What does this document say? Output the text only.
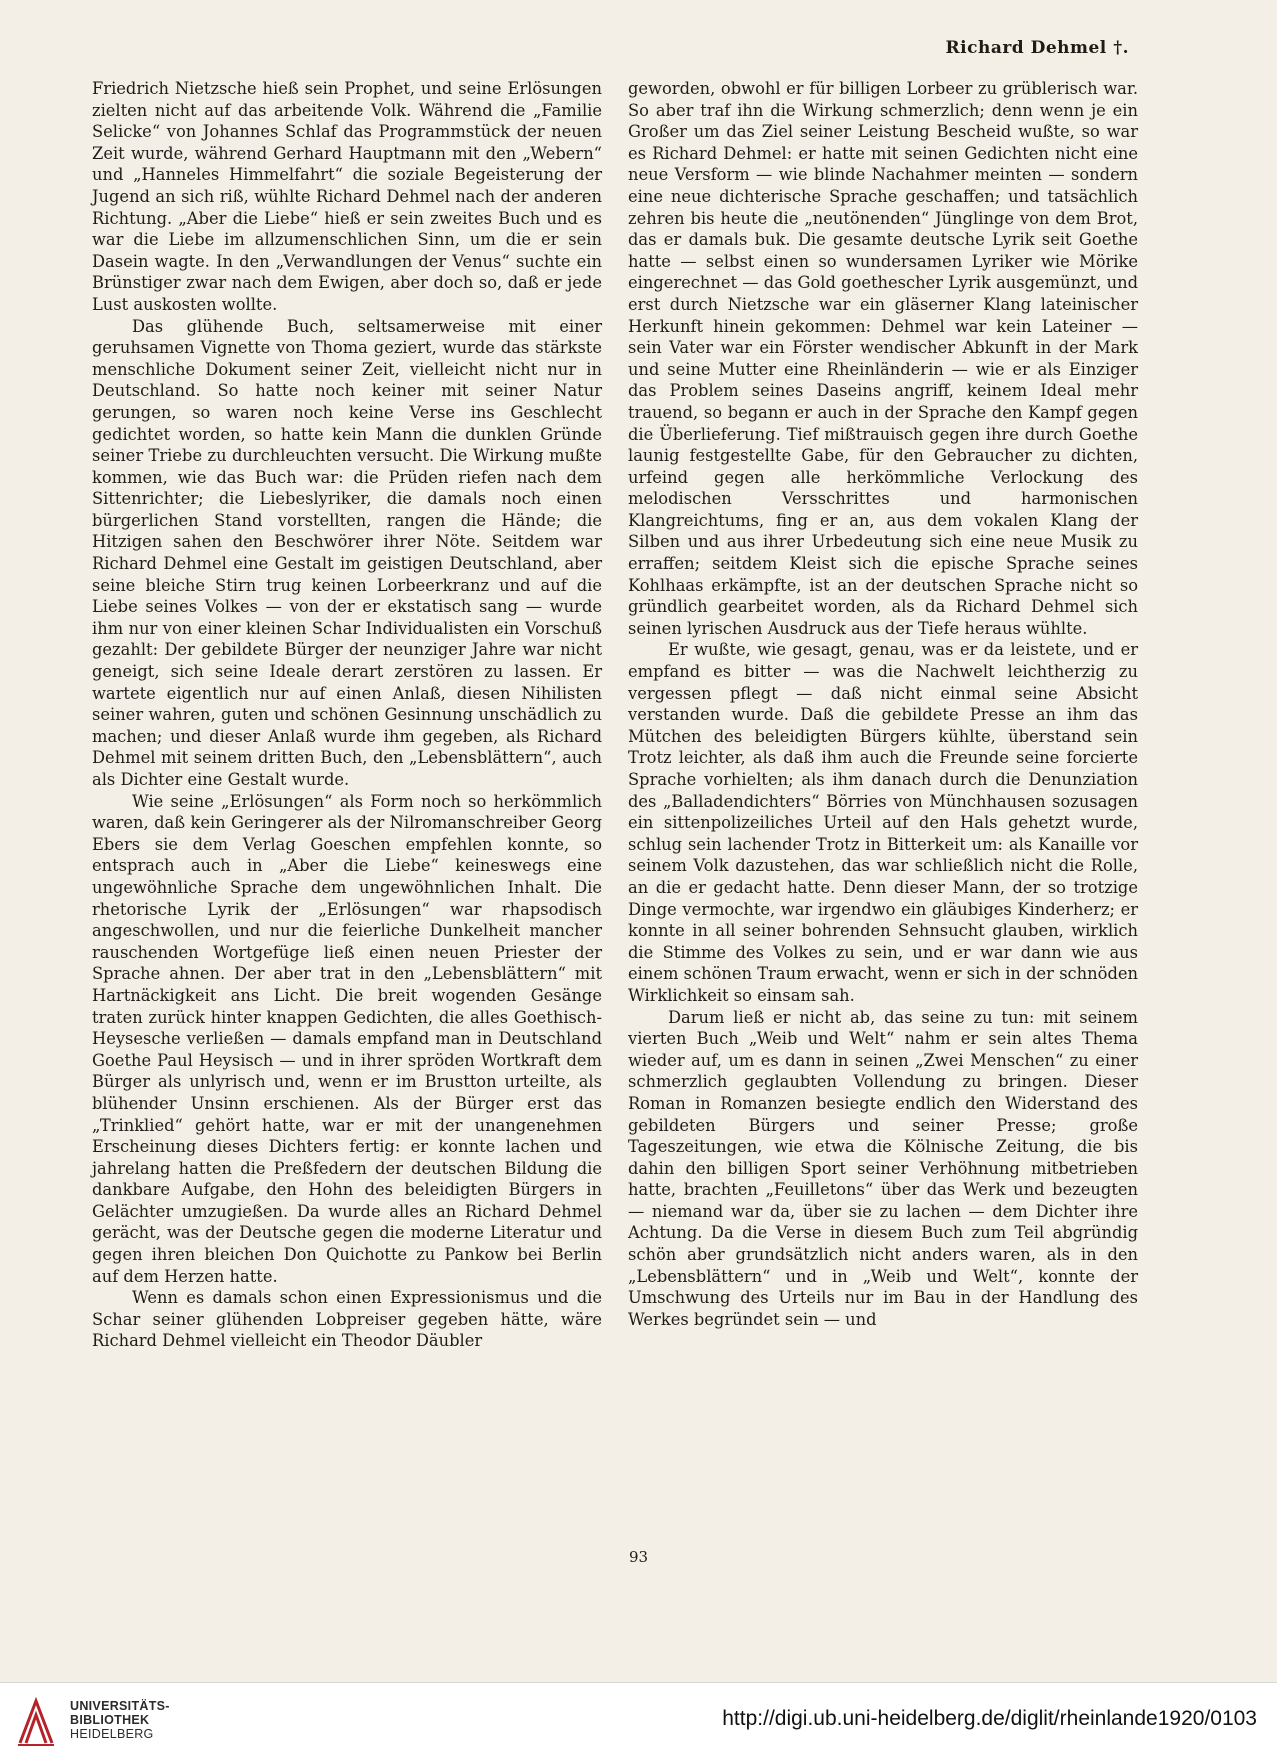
Richard Dehmel †.

Friedrich Nietzsche hieß sein Prophet, und seine Erlösungen zielten nicht auf das arbeitende Volk. Während die „Familie Selicke“ von Johannes Schlaf das Programmstück der neuen Zeit wurde, während Gerhard Hauptmann mit den „Webern“ und „Hanneles Himmelfahrt“ die soziale Begeisterung der Jugend an sich riß, wühlte Richard Dehmel nach der anderen Richtung. „Aber die Liebe“ hieß er sein zweites Buch und es war die Liebe im allzumenschlichen Sinn, um die er sein Dasein wagte. In den „Verwandlungen der Venus“ suchte ein Brünstiger zwar nach dem Ewigen, aber doch so, daß er jede Lust auskosten wollte.

Das glühende Buch, seltsamerweise mit einer geruhsamen Vignette von Thoma geziert, wurde das stärkste menschliche Dokument seiner Zeit, vielleicht nicht nur in Deutschland. So hatte noch keiner mit seiner Natur gerungen, so waren noch keine Verse ins Geschlecht gedichtet worden, so hatte kein Mann die dunklen Gründe seiner Triebe zu durchleuchten versucht. Die Wirkung mußte kommen, wie das Buch war: die Prüden riefen nach dem Sittenrichter; die Liebeslyriker, die damals noch einen bürgerlichen Stand vorstellten, rangen die Hände; die Hitzigen sahen den Beschwörer ihrer Nöte. Seitdem war Richard Dehmel eine Gestalt im geistigen Deutschland, aber seine bleiche Stirn trug keinen Lorbeerkranz und auf die Liebe seines Volkes — von der er ekstatisch sang — wurde ihm nur von einer kleinen Schar Individualisten ein Vorschuß gezahlt: Der gebildete Bürger der neunziger Jahre war nicht geneigt, sich seine Ideale derart zerstören zu lassen. Er wartete eigentlich nur auf einen Anlaß, diesen Nihilisten seiner wahren, guten und schönen Gesinnung unschädlich zu machen; und dieser Anlaß wurde ihm gegeben, als Richard Dehmel mit seinem dritten Buch, den „Lebensblättern“, auch als Dichter eine Gestalt wurde.

Wie seine „Erlösungen“ als Form noch so herkömmlich waren, daß kein Geringerer als der Nilromanschreiber Georg Ebers sie dem Verlag Goeschen empfehlen konnte, so entsprach auch in „Aber die Liebe“ keineswegs eine ungewöhnliche Sprache dem ungewöhnlichen Inhalt. Die rhetorische Lyrik der „Erlösungen“ war rhapsodisch angeschwollen, und nur die feierliche Dunkelheit mancher rauschenden Wortgefüge ließ einen neuen Priester der Sprache ahnen. Der aber trat in den „Lebensblättern“ mit Hartnäckigkeit ans Licht. Die breit wogenden Gesänge traten zurück hinter knappen Gedichten, die alles Goethisch-Heysesche verließen — damals empfand man in Deutschland Goethe Paul Heysisch — und in ihrer spröden Wortkraft dem Bürger als unlyrisch und, wenn er im Brustton urteilte, als blühender Unsinn erschienen. Als der Bürger erst das „Trinklied“ gehört hatte, war er mit der unangenehmen Erscheinung dieses Dichters fertig: er konnte lachen und jahrelang hatten die Preßfedern der deutschen Bildung die dankbare Aufgabe, den Hohn des beleidigten Bürgers in Gelächter umzugießen. Da wurde alles an Richard Dehmel gerächt, was der Deutsche gegen die moderne Literatur und gegen ihren bleichen Don Quichotte zu Pankow bei Berlin auf dem Herzen hatte.

Wenn es damals schon einen Expressionismus und die Schar seiner glühenden Lobpreiser gegeben hätte, wäre Richard Dehmel vielleicht ein Theodor Däubler

geworden, obwohl er für billigen Lorbeer zu grüblerisch war. So aber traf ihn die Wirkung schmerzlich; denn wenn je ein Großer um das Ziel seiner Leistung Bescheid wußte, so war es Richard Dehmel: er hatte mit seinen Gedichten nicht eine neue Versform — wie blinde Nachahmer meinten — sondern eine neue dichterische Sprache geschaffen; und tatsächlich zehren bis heute die „neutönenden“ Jünglinge von dem Brot, das er damals buk. Die gesamte deutsche Lyrik seit Goethe hatte — selbst einen so wundersamen Lyriker wie Mörike eingerechnet — das Gold goethescher Lyrik ausgemünzt, und erst durch Nietzsche war ein gläserner Klang lateinischer Herkunft hinein gekommen: Dehmel war kein Lateiner — sein Vater war ein Förster wendischer Abkunft in der Mark und seine Mutter eine Rheinländerin — wie er als Einziger das Problem seines Daseins angriff, keinem Ideal mehr trauend, so begann er auch in der Sprache den Kampf gegen die Überlieferung. Tief mißtrauisch gegen ihre durch Goethe launig festgestellte Gabe, für den Gebraucher zu dichten, urfeind gegen alle herkömmliche Verlockung des melodischen Versschrittes und harmonischen Klangreichtums, fing er an, aus dem vokalen Klang der Silben und aus ihrer Urbedeutung sich eine neue Musik zu erraffen; seitdem Kleist sich die epische Sprache seines Kohlhaas erkämpfte, ist an der deutschen Sprache nicht so gründlich gearbeitet worden, als da Richard Dehmel sich seinen lyrischen Ausdruck aus der Tiefe heraus wühlte.

Er wußte, wie gesagt, genau, was er da leistete, und er empfand es bitter — was die Nachwelt leichtherzig zu vergessen pflegt — daß nicht einmal seine Absicht verstanden wurde. Daß die gebildete Presse an ihm das Mütchen des beleidigten Bürgers kühlte, überstand sein Trotz leichter, als daß ihm auch die Freunde seine forcierte Sprache vorhielten; als ihm danach durch die Denunziation des „Balladendichters“ Börries von Münchhausen sozusagen ein sittenpolizeiliches Urteil auf den Hals gehetzt wurde, schlug sein lachender Trotz in Bitterkeit um: als Kanaille vor seinem Volk dazustehen, das war schließlich nicht die Rolle, an die er gedacht hatte. Denn dieser Mann, der so trotzige Dinge vermochte, war irgendwo ein gläubiges Kinderherz; er konnte in all seiner bohrenden Sehnsucht glauben, wirklich die Stimme des Volkes zu sein, und er war dann wie aus einem schönen Traum erwacht, wenn er sich in der schnöden Wirklichkeit so einsam sah.

Darum ließ er nicht ab, das seine zu tun: mit seinem vierten Buch „Weib und Welt“ nahm er sein altes Thema wieder auf, um es dann in seinen „Zwei Menschen“ zu einer schmerzlich geglaubten Vollendung zu bringen. Dieser Roman in Romanzen besiegte endlich den Widerstand des gebildeten Bürgers und seiner Presse; große Tageszeitungen, wie etwa die Kölnische Zeitung, die bis dahin den billigen Sport seiner Verhöhnung mitbetrieben hatte, brachten „Feuilletons“ über das Werk und bezeugten — niemand war da, über sie zu lachen — dem Dichter ihre Achtung. Da die Verse in diesem Buch zum Teil abgründig schön aber grundsätzlich nicht anders waren, als in den „Lebensblättern“ und in „Weib und Welt“, konnte der Umschwung des Urteils nur im Bau in der Handlung des Werkes begründet sein — und

93
UNIVERSITÄTS-
BIBLIOTHEK
HEIDELBERG
http://digi.ub.uni-heidelberg.de/diglit/rheinlande1920/0103
